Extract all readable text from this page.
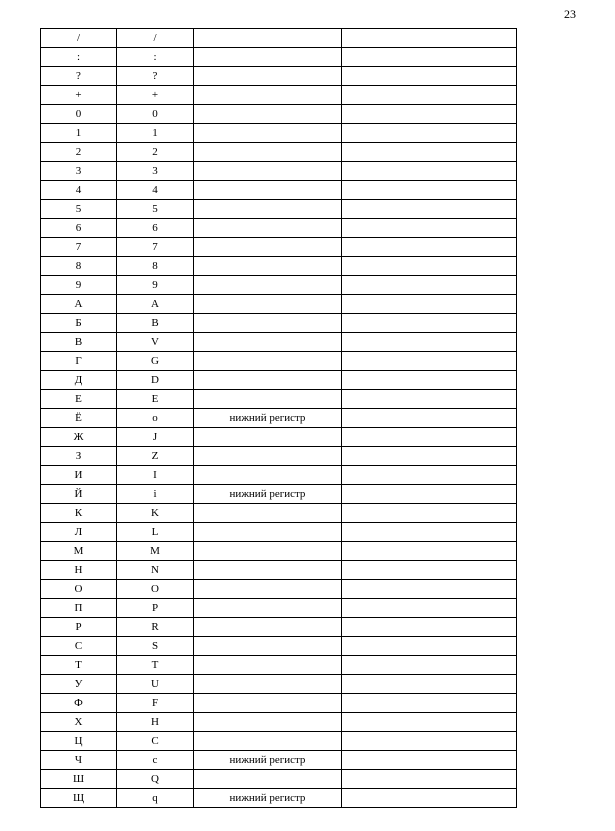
23
/	/		
:	:		
?	?		
+	+		
0	0		
1	1		
2	2		
3	3		
4	4		
5	5		
6	6		
7	7		
8	8		
9	9		
А	A		
Б	B		
В	V		
Г	G		
Д	D		
Е	E		
Ё	o	нижний регистр	
Ж	J		
З	Z		
И	I		
Й	i	нижний регистр	
К	K		
Л	L		
М	M		
Н	N		
О	O		
П	P		
Р	R		
С	S		
Т	T		
У	U		
Ф	F		
Х	H		
Ц	C		
Ч	c	нижний регистр	
Ш	Q		
Щ	q	нижний регистр	
